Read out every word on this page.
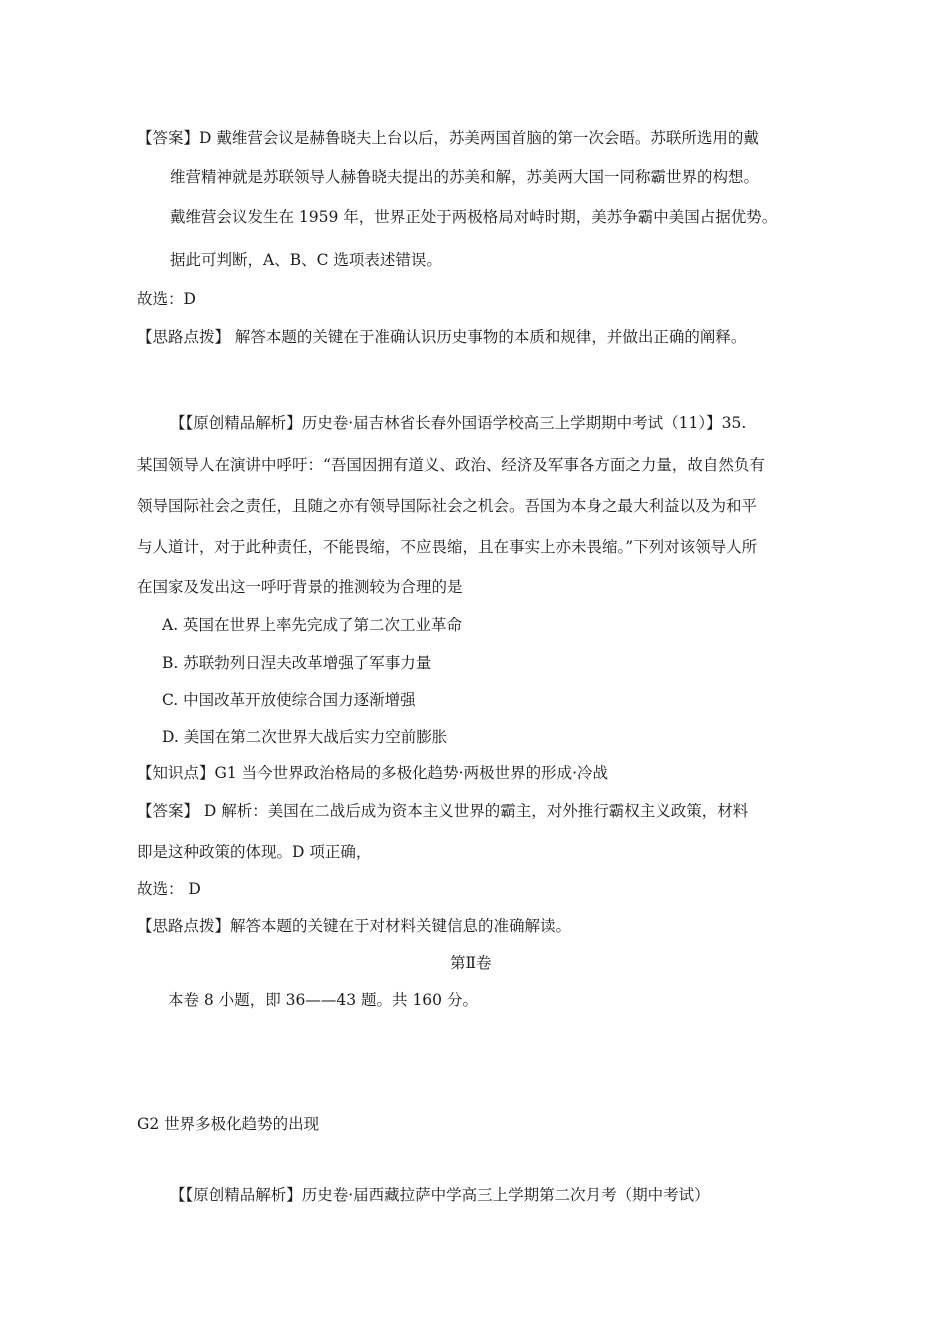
【答案】D 戴维营会议是赫鲁晓夫上台以后，苏美两国首脑的第一次会晤。苏联所选用的戴
维营精神就是苏联领导人赫鲁晓夫提出的苏美和解，苏美两大国一同称霸世界的构想。
戴维营会议发生在 1959 年，世界正处于两极格局对峙时期，美苏争霸中美国占据优势。
据此可判断，A、B、C 选项表述错误。
故选：D
【思路点拨】 解答本题的关键在于准确认识历史事物的本质和规律，并做出正确的阐释。
【【原创精品解析】历史卷·届吉林省长春外国语学校高三上学期期中考试（11）】35.
某国领导人在演讲中呼吁：“吾国因拥有道义、政治、经济及军事各方面之力量，故自然负有
领导国际社会之责任，且随之亦有领导国际社会之机会。吾国为本身之最大利益以及为和平
与人道计，对于此种责任，不能畏缩，不应畏缩，且在事实上亦未畏缩。”下列对该领导人所
在国家及发出这一呼吁背景的推测较为合理的是
A. 英国在世界上率先完成了第二次工业革命
B. 苏联勃列日涅夫改革增强了军事力量
C. 中国改革开放使综合国力逐渐增强
D. 美国在第二次世界大战后实力空前膨胀
【知识点】G1 当今世界政治格局的多极化趋势·两极世界的形成·冷战
【答案】 D 解析：美国在二战后成为资本主义世界的霸主，对外推行霸权主义政策，材料
即是这种政策的体现。D 项正确，
故选： D
【思路点拨】解答本题的关键在于对材料关键信息的准确解读。
第Ⅱ卷
本卷 8 小题，即 36——43 题。共 160 分。
G2 世界多极化趋势的出现
【【原创精品解析】历史卷·届西藏拉萨中学高三上学期第二次月考（期中考试）
